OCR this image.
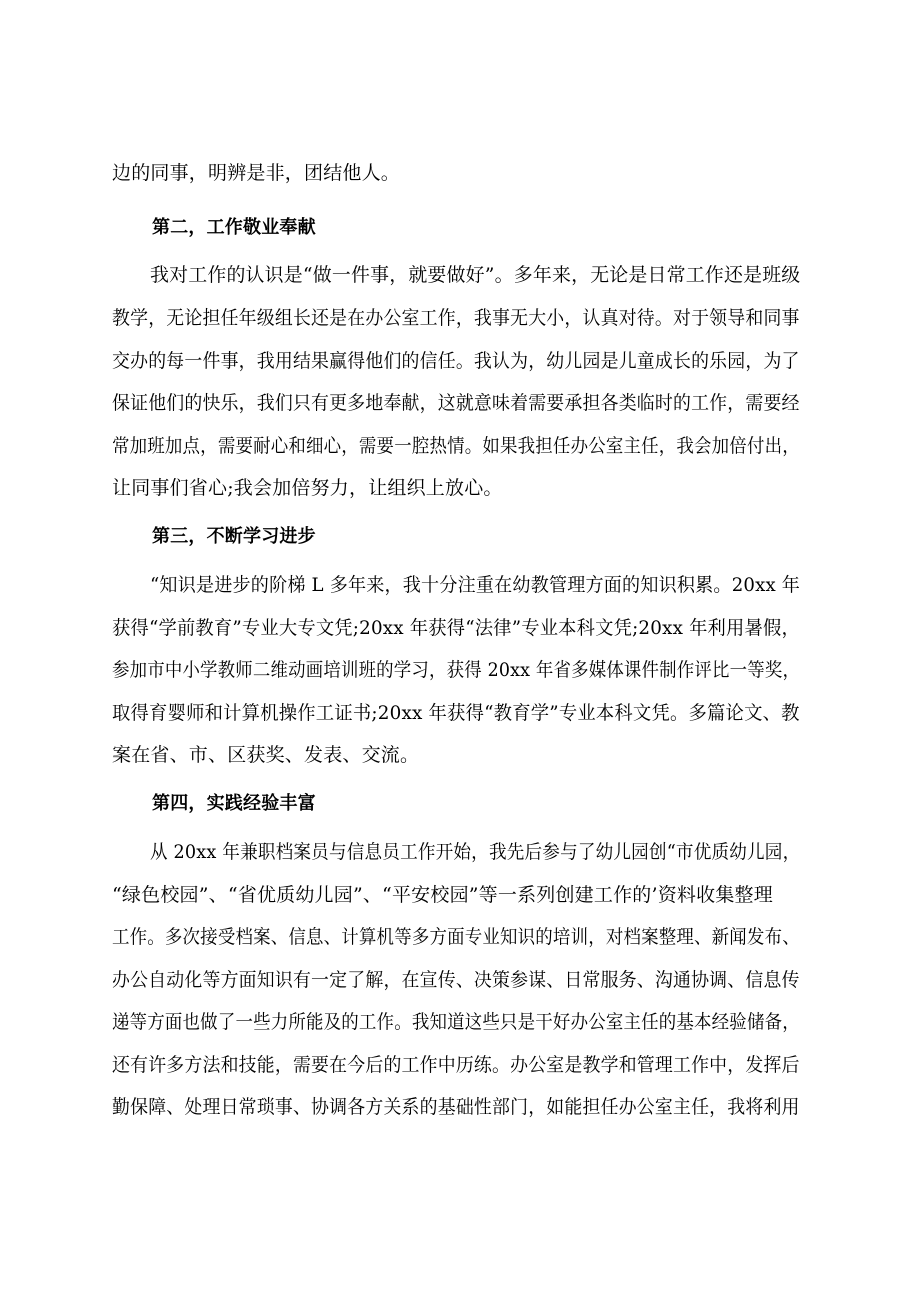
边的同事，明辨是非，团结他人。
第二，工作敬业奉献
我对工作的认识是“做一件事，就要做好”。多年来，无论是日常工作还是班级
教学，无论担任年级组长还是在办公室工作，我事无大小，认真对待。对于领导和同事
交办的每一件事，我用结果赢得他们的信任。我认为，幼儿园是儿童成长的乐园，为了
保证他们的快乐，我们只有更多地奉献，这就意味着需要承担各类临时的工作，需要经
常加班加点，需要耐心和细心，需要一腔热情。如果我担任办公室主任，我会加倍付出，
让同事们省心;我会加倍努力，让组织上放心。
第三，不断学习进步
“知识是进步的阶梯 L 多年来，我十分注重在幼教管理方面的知识积累。20xx 年
获得“学前教育”专业大专文凭;20xx 年获得“法律”专业本科文凭;20xx 年利用暑假，
参加市中小学教师二维动画培训班的学习，获得 20xx 年省多媒体课件制作评比一等奖，
取得育婴师和计算机操作工证书;20xx 年获得“教育学”专业本科文凭。多篇论文、教
案在省、市、区获奖、发表、交流。
第四，实践经验丰富
从 20xx 年兼职档案员与信息员工作开始，我先后参与了幼儿园创“市优质幼儿园，
“绿色校园”、“省优质幼儿园”、“平安校园”等一系列创建工作的’资料收集整理
工作。多次接受档案、信息、计算机等多方面专业知识的培训，对档案整理、新闻发布、
办公自动化等方面知识有一定了解，在宣传、决策参谋、日常服务、沟通协调、信息传
递等方面也做了一些力所能及的工作。我知道这些只是干好办公室主任的基本经验储备，
还有许多方法和技能，需要在今后的工作中历练。办公室是教学和管理工作中，发挥后
勤保障、处理日常琐事、协调各方关系的基础性部门，如能担任办公室主任，我将利用
